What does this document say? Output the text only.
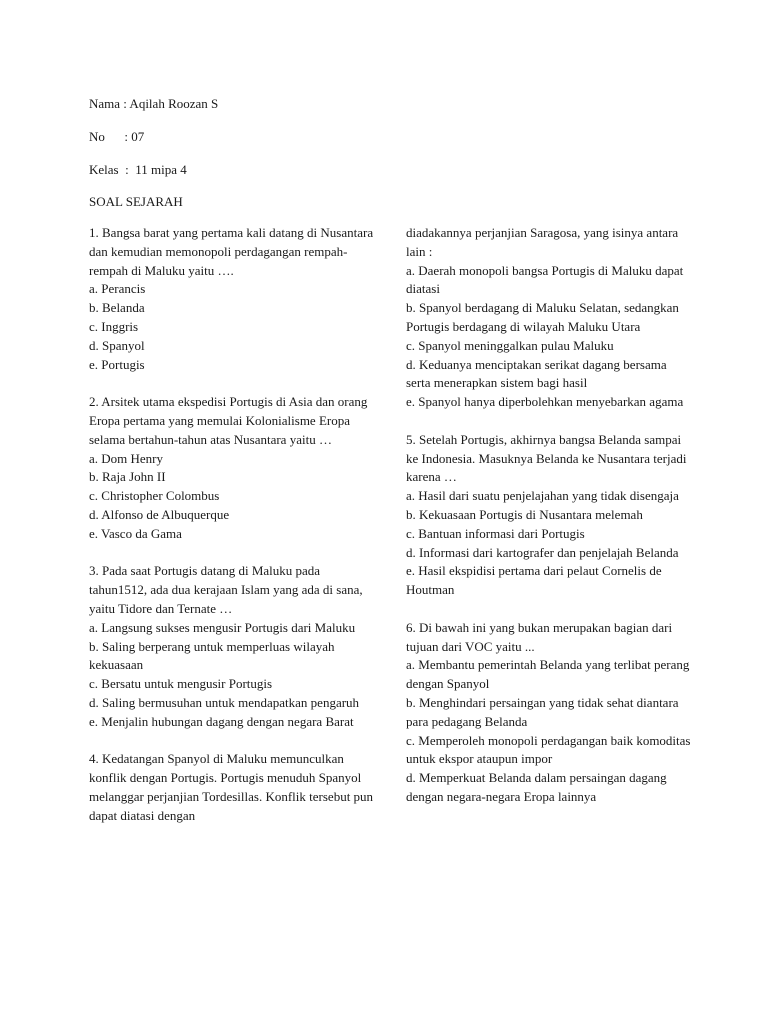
Nama : Aqilah Roozan S
No      : 07
Kelas  :  11 mipa 4
SOAL SEJARAH
1. Bangsa barat yang pertama kali datang di Nusantara dan kemudian memonopoli perdagangan rempah-rempah di Maluku yaitu ….
a. Perancis
b. Belanda
c. Inggris
d. Spanyol
e. Portugis
2. Arsitek utama ekspedisi Portugis di Asia dan orang Eropa pertama yang memulai Kolonialisme Eropa selama bertahun-tahun atas Nusantara yaitu …
a. Dom Henry
b. Raja John II
c. Christopher Colombus
d. Alfonso de Albuquerque
e. Vasco da Gama
3. Pada saat Portugis datang di Maluku pada tahun1512, ada dua kerajaan Islam yang ada di sana, yaitu Tidore dan Ternate …
a. Langsung sukses mengusir Portugis dari Maluku
b. Saling berperang untuk memperluas wilayah kekuasaan
c. Bersatu untuk mengusir Portugis
d. Saling bermusuhan untuk mendapatkan pengaruh
e. Menjalin hubungan dagang dengan negara Barat
4. Kedatangan Spanyol di Maluku memunculkan konflik dengan Portugis. Portugis menuduh Spanyol melanggar perjanjian Tordesillas. Konflik tersebut pun dapat diatasi dengan
diadakannya perjanjian Saragosa, yang isinya antara lain :
a. Daerah monopoli bangsa Portugis di Maluku dapat diatasi
b. Spanyol berdagang di Maluku Selatan, sedangkan Portugis berdagang di wilayah Maluku Utara
c. Spanyol meninggalkan pulau Maluku
d. Keduanya menciptakan serikat dagang bersama serta menerapkan sistem bagi hasil
e. Spanyol hanya diperbolehkan menyebarkan agama
5. Setelah Portugis, akhirnya bangsa Belanda sampai ke Indonesia. Masuknya Belanda ke Nusantara terjadi karena …
a. Hasil dari suatu penjelajahan yang tidak disengaja
b. Kekuasaan Portugis di Nusantara melemah
c. Bantuan informasi dari Portugis
d. Informasi dari kartografer dan penjelajah Belanda
e. Hasil ekspidisi pertama dari pelaut Cornelis de Houtman
6. Di bawah ini yang bukan merupakan bagian dari tujuan dari VOC yaitu ...
a. Membantu pemerintah Belanda yang terlibat perang dengan Spanyol
b. Menghindari persaingan yang tidak sehat diantara para pedagang Belanda
c. Memperoleh monopoli perdagangan baik komoditas untuk ekspor ataupun impor
d. Memperkuat Belanda dalam persaingan dagang dengan negara-negara Eropa lainnya
